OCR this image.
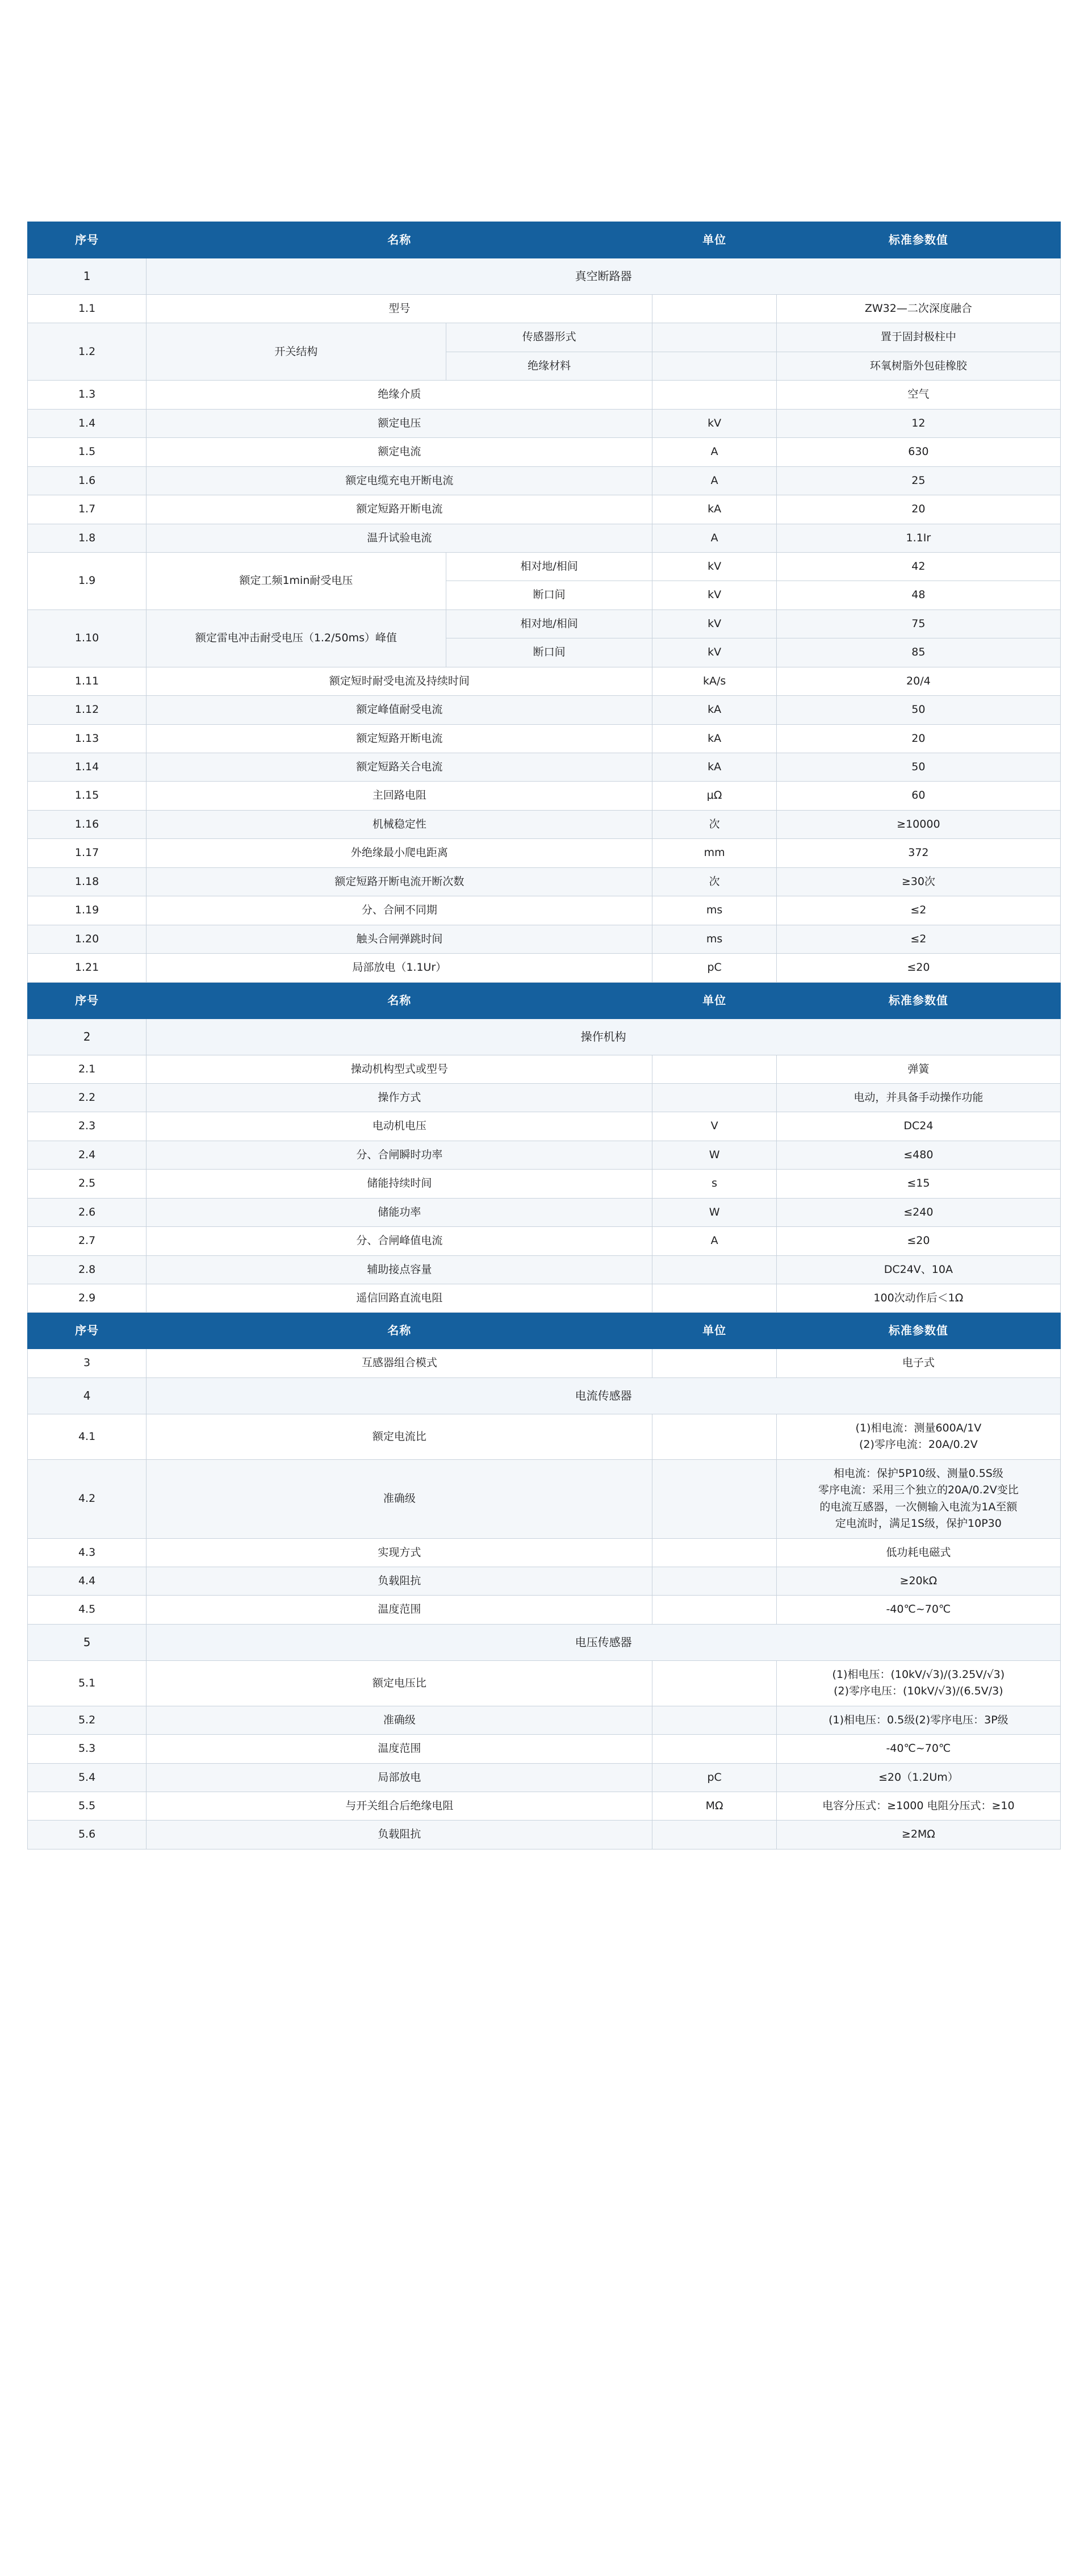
序号	名称		单位	标准参数值
1	真空断路器			
1.1	型号			ZW32—二次深度融合
1.2	开关结构	传感器形式		置于固封极柱中
		绝缘材料		环氧树脂外包硅橡胶
1.3	绝缘介质			空气
1.4	额定电压		kV	12
1.5	额定电流		A	630
1.6	额定电缆充电开断电流		A	25
1.7	额定短路开断电流		kA	20
1.8	温升试验电流		A	1.1Ir
1.9	额定工频1min耐受电压	相对地/相间	kV	42
		断口间	kV	48
1.10	额定雷电冲击耐受电压（1.2/50ms）峰值	相对地/相间	kV	75
		断口间	kV	85
1.11	额定短时耐受电流及持续时间		kA/s	20/4
1.12	额定峰值耐受电流		kA	50
1.13	额定短路开断电流		kA	20
1.14	额定短路关合电流		kA	50
1.15	主回路电阻		μΩ	60
1.16	机械稳定性		次	≥10000
1.17	外绝缘最小爬电距离		mm	372
1.18	额定短路开断电流开断次数		次	≥30次
1.19	分、合闸不同期		ms	≤2
1.20	触头合闸弹跳时间		ms	≤2
1.21	局部放电（1.1Ur）		pC	≤20
序号	名称		单位	标准参数值
2	操作机构			
2.1	操动机构型式或型号			弹簧
2.2	操作方式			电动，并具备手动操作功能
2.3	电动机电压		V	DC24
2.4	分、合闸瞬时功率		W	≤480
2.5	储能持续时间		s	≤15
2.6	储能功率		W	≤240
2.7	分、合闸峰值电流		A	≤20
2.8	辅助接点容量			DC24V、10A
2.9	遥信回路直流电阻			100次动作后＜1Ω
序号	名称		单位	标准参数值
3	互感器组合模式			电子式
4	电流传感器			
4.1	额定电流比			(1)相电流：测量600A/1V
(2)零序电流：20A/0.2V

4.2	准确级			相电流：保护5P10级、测量0.5S级
零序电流：采用三个独立的20A/0.2V变比
的电流互感器，一次侧输入电流为1A至额
定电流时，满足1S级，保护10P30

4.3	实现方式			低功耗电磁式
4.4	负载阻抗			≥20kΩ
4.5	温度范围			-40℃~70℃
5	电压传感器			
5.1	额定电压比			(1)相电压：(10kV/√3)/(3.25V/√3)
(2)零序电压：(10kV/√3)/(6.5V/3)

5.2	准确级			(1)相电压：0.5级(2)零序电压：3P级
5.3	温度范围			-40℃~70℃
5.4	局部放电		pC	≤20（1.2Um）
5.5	与开关组合后绝缘电阻		MΩ	电容分压式：≥1000 电阻分压式：≥10
5.6	负载阻抗			≥2MΩ
